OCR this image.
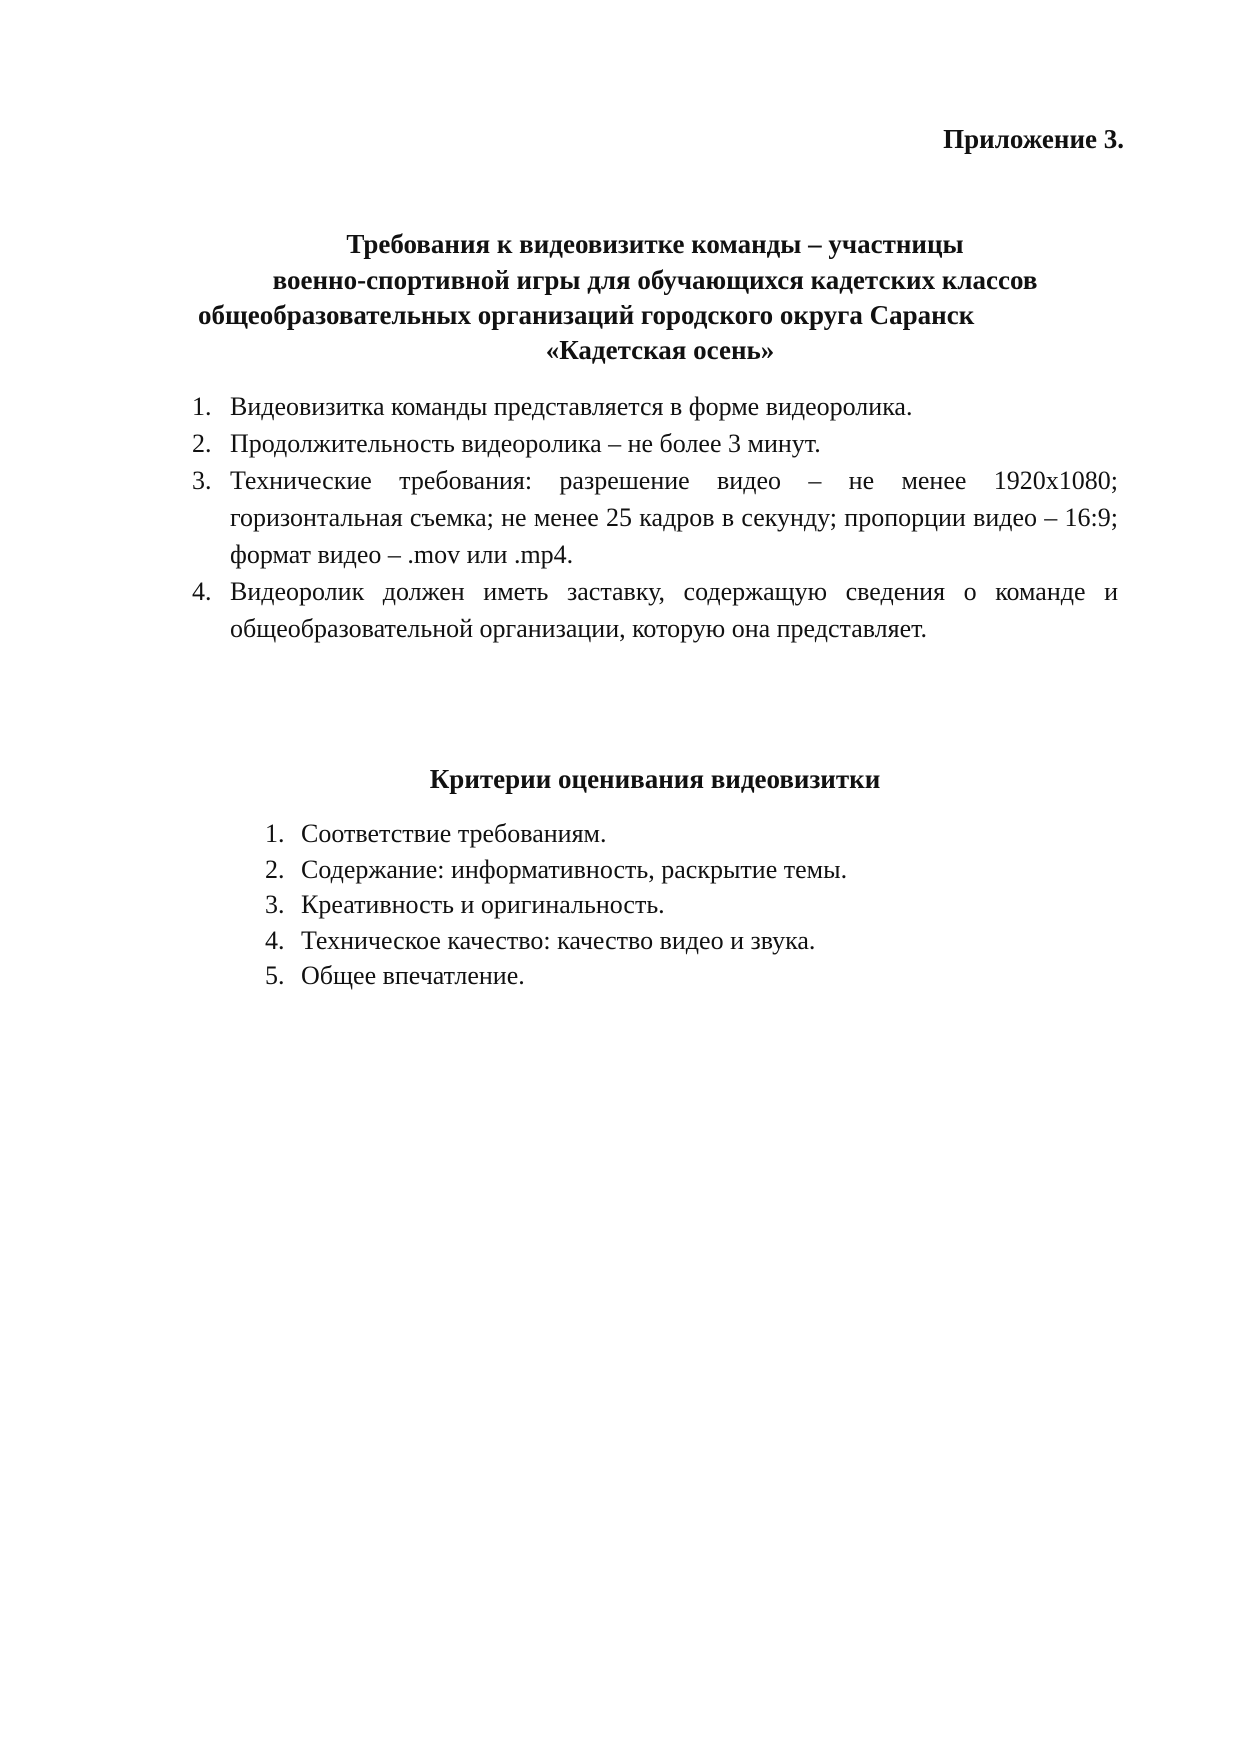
Приложение 3.
Требования к видеовизитке команды – участницы
военно-спортивной игры для обучающихся кадетских классов
общеобразовательных организаций городского округа Саранск
«Кадетская осень»
1. Видеовизитка команды представляется в форме видеоролика.
2. Продолжительность видеоролика – не более 3 минут.
3. Технические требования: разрешение видео – не менее 1920x1080; горизонтальная съемка; не менее 25 кадров в секунду; пропорции видео – 16:9; формат видео – .mov или .mp4.
4. Видеоролик должен иметь заставку, содержащую сведения о команде и общеобразовательной организации, которую она представляет.
Критерии оценивания видеовизитки
1. Соответствие требованиям.
2. Содержание: информативность, раскрытие темы.
3. Креативность и оригинальность.
4. Техническое качество: качество видео и звука.
5. Общее впечатление.
